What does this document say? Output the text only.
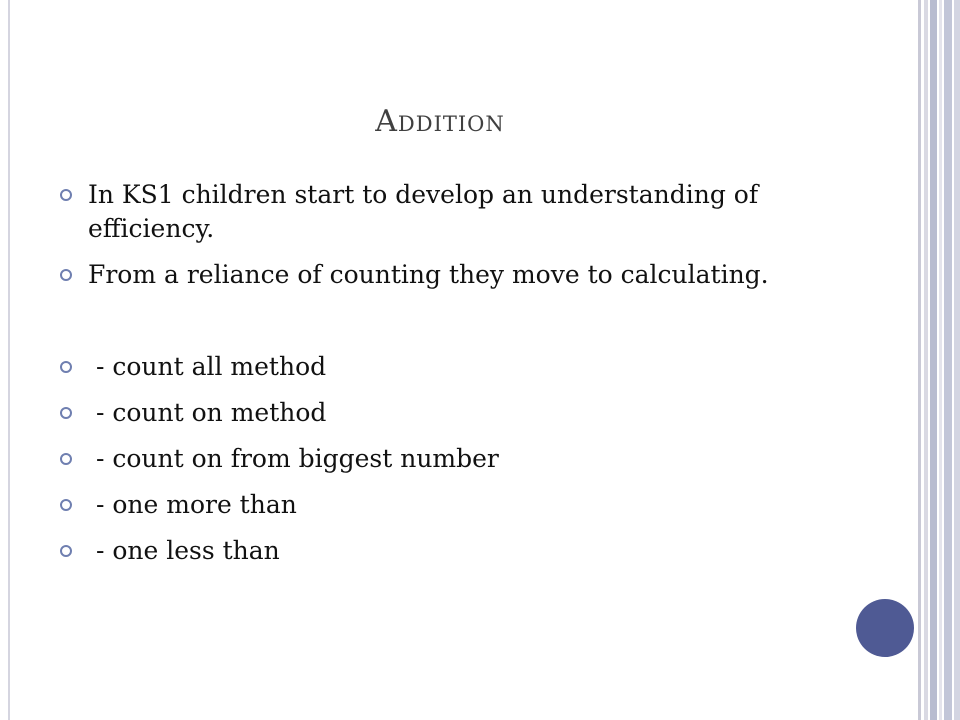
Addition
In KS1 children start to develop an understanding of efficiency.
From a reliance of counting they move to calculating.
- count all method
- count on method
- count on from biggest number
- one more than
- one less than
